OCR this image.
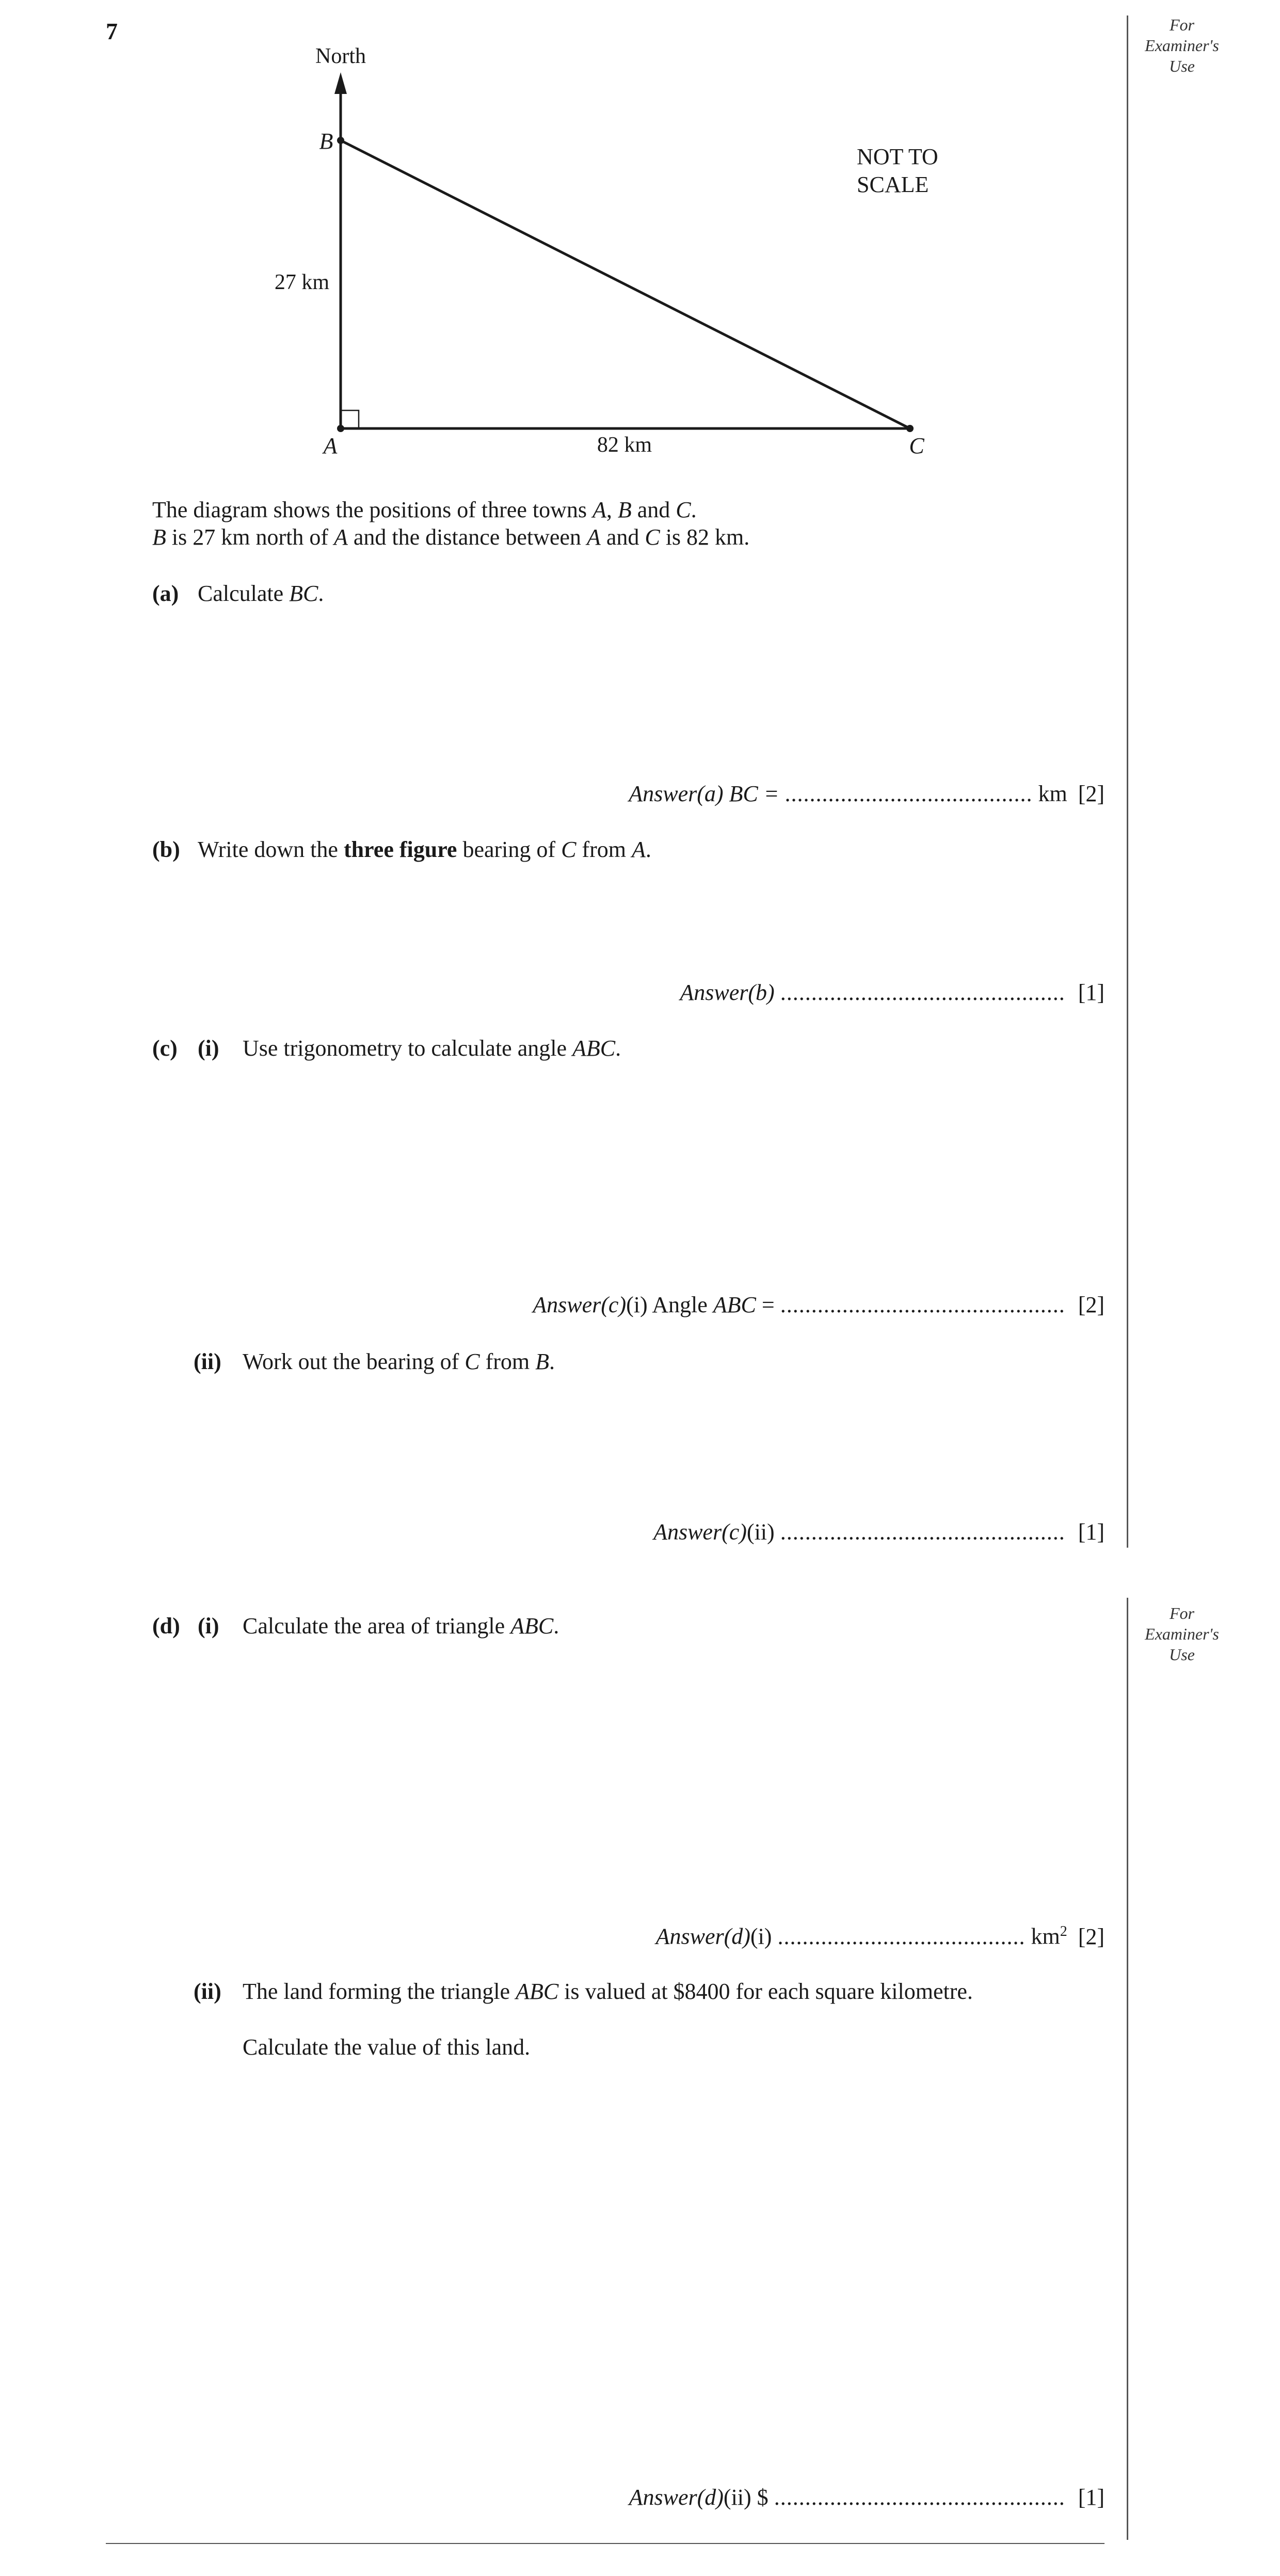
7	For
Examiner's
Use
For
Examiner's
Use
North
B
A	C
27 km
82 km
NOT TO
SCALE
The diagram shows the positions of three towns A, B and C.
B is 27 km north of A and the distance between A and C is 82 km.
(a) Calculate BC.
Answer(a) BC = ........................................ km [2]
(b) Write down the three figure bearing of C from A.
Answer(b) .............................................. [1]
(c) (i) Use trigonometry to calculate angle ABC.
Answer(c)(i) Angle ABC = .............................................. [2]
(ii) Work out the bearing of C from B.
Answer(c)(ii) .............................................. [1]
(d) (i) Calculate the area of triangle ABC.
Answer(d)(i) ........................................ $km^2$ [2]
(ii) The land forming the triangle ABC is valued at $8400 for each square kilometre.
Calculate the value of this land.
Answer(d)(ii) $ ............................................... [1]
